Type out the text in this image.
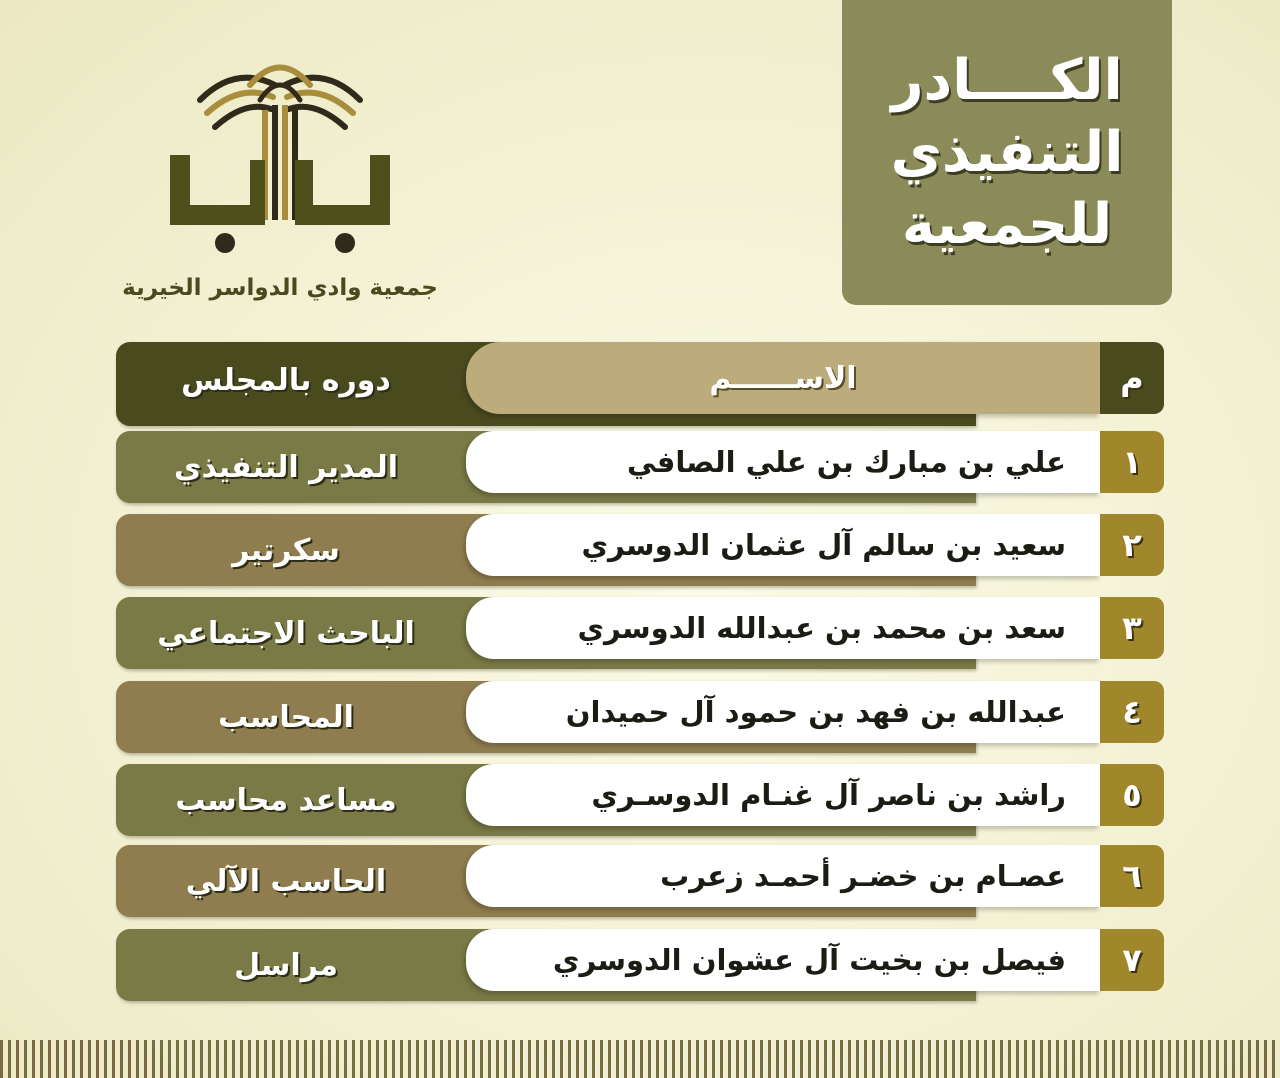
الكــــادر
التنفيذي
للجمعية
جمعية وادي الدواسر الخيرية
دوره بالمجلس	الاســــــم	م
المدير التنفيذي	علي بن مبارك بن علي الصافي	١
سكرتير	سعيد بن سالم آل عثمان الدوسري	٢
الباحث الاجتماعي	سعد بن محمد بن عبدالله الدوسري	٣
المحاسب	عبدالله بن فهد بن حمود آل حميدان	٤
مساعد محاسب	راشد بن ناصر آل غنـام الدوسـري	٥
الحاسب الآلي	عصـام بن خضـر أحمـد زعرب	٦
مراسل	فيصل بن بخيت آل عشوان الدوسري	٧
